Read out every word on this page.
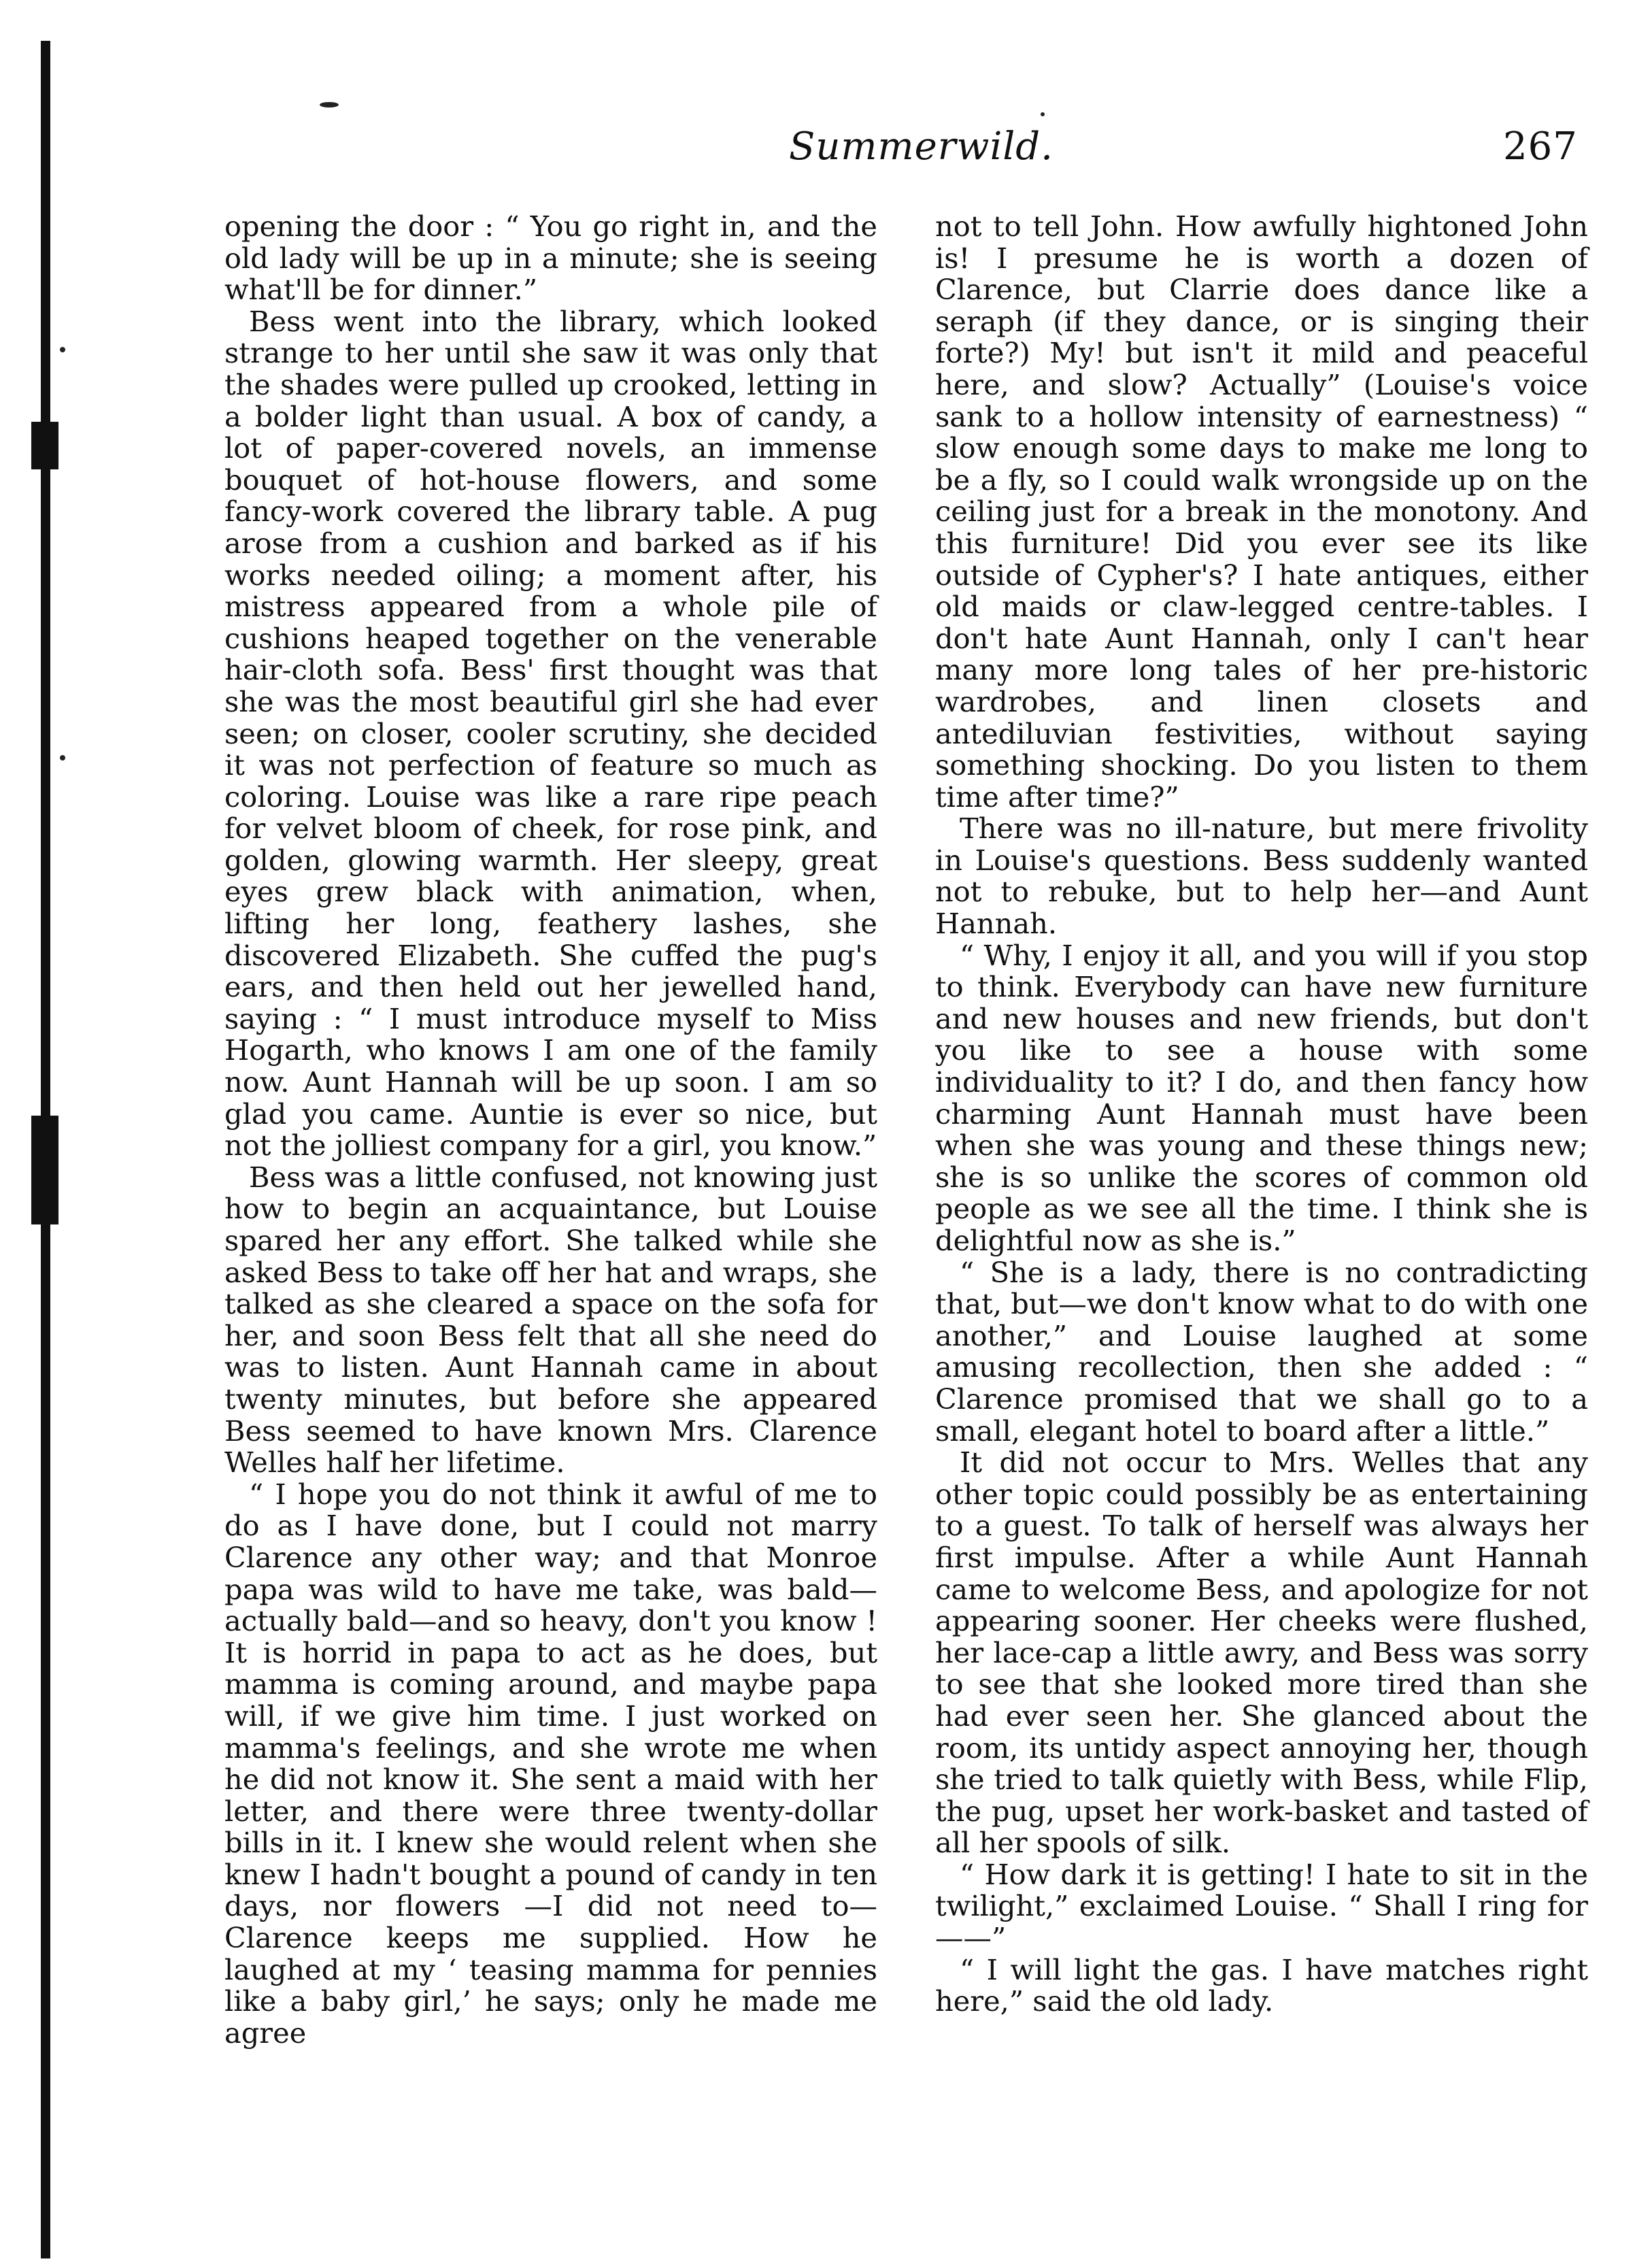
Summerwild.	267

opening the door : “ You go right in, and the old lady will be up in a minute; she is seeing what'll be for dinner.”

Bess went into the library, which looked strange to her until she saw it was only that the shades were pulled up crooked, letting in a bolder light than usual. A box of candy, a lot of paper-covered novels, an immense bouquet of hot-house flowers, and some fancy-work covered the library table. A pug arose from a cushion and barked as if his works needed oiling; a moment after, his mistress appeared from a whole pile of cushions heaped together on the venerable hair-cloth sofa. Bess' first thought was that she was the most beautiful girl she had ever seen; on closer, cooler scrutiny, she decided it was not perfection of feature so much as coloring. Louise was like a rare ripe peach for velvet bloom of cheek, for rose pink, and golden, glowing warmth. Her sleepy, great eyes grew black with animation, when, lifting her long, feathery lashes, she discovered Elizabeth. She cuffed the pug's ears, and then held out her jewelled hand, saying : “ I must introduce myself to Miss Hogarth, who knows I am one of the family now. Aunt Hannah will be up soon. I am so glad you came. Auntie is ever so nice, but not the jolliest company for a girl, you know.”

Bess was a little confused, not knowing just how to begin an acquaintance, but Louise spared her any effort. She talked while she asked Bess to take off her hat and wraps, she talked as she cleared a space on the sofa for her, and soon Bess felt that all she need do was to listen. Aunt Hannah came in about twenty minutes, but before she appeared Bess seemed to have known Mrs. Clarence Welles half her lifetime.

“ I hope you do not think it awful of me to do as I have done, but I could not marry Clarence any other way; and that Monroe papa was wild to have me take, was bald—actually bald—and so heavy, don't you know ! It is horrid in papa to act as he does, but mamma is coming around, and maybe papa will, if we give him time. I just worked on mamma's feelings, and she wrote me when he did not know it. She sent a maid with her letter, and there were three twenty-dollar bills in it. I knew she would relent when she knew I hadn't bought a pound of candy in ten days, nor flowers —I did not need to—Clarence keeps me supplied. How he laughed at my ‘ teasing mamma for pennies like a baby girl,’ he says; only he made me agree

not to tell John. How awfully hightoned John is! I presume he is worth a dozen of Clarence, but Clarrie does dance like a seraph (if they dance, or is singing their forte?) My! but isn't it mild and peaceful here, and slow? Actually” (Louise's voice sank to a hollow intensity of earnestness) “ slow enough some days to make me long to be a fly, so I could walk wrongside up on the ceiling just for a break in the monotony. And this furniture! Did you ever see its like outside of Cypher's? I hate antiques, either old maids or claw-legged centre-tables. I don't hate Aunt Hannah, only I can't hear many more long tales of her pre-historic wardrobes, and linen closets and antediluvian festivities, without saying something shocking. Do you listen to them time after time?”

There was no ill-nature, but mere frivolity in Louise's questions. Bess suddenly wanted not to rebuke, but to help her—and Aunt Hannah.

“ Why, I enjoy it all, and you will if you stop to think. Everybody can have new furniture and new houses and new friends, but don't you like to see a house with some individuality to it? I do, and then fancy how charming Aunt Hannah must have been when she was young and these things new; she is so unlike the scores of common old people as we see all the time. I think she is delightful now as she is.”

“ She is a lady, there is no contradicting that, but—we don't know what to do with one another,” and Louise laughed at some amusing recollection, then she added : “ Clarence promised that we shall go to a small, elegant hotel to board after a little.”

It did not occur to Mrs. Welles that any other topic could possibly be as entertaining to a guest. To talk of herself was always her first impulse. After a while Aunt Hannah came to welcome Bess, and apologize for not appearing sooner. Her cheeks were flushed, her lace-cap a little awry, and Bess was sorry to see that she looked more tired than she had ever seen her. She glanced about the room, its untidy aspect annoying her, though she tried to talk quietly with Bess, while Flip, the pug, upset her work-basket and tasted of all her spools of silk.

“ How dark it is getting! I hate to sit in the twilight,” exclaimed Louise. “ Shall I ring for——”

“ I will light the gas. I have matches right here,” said the old lady.
